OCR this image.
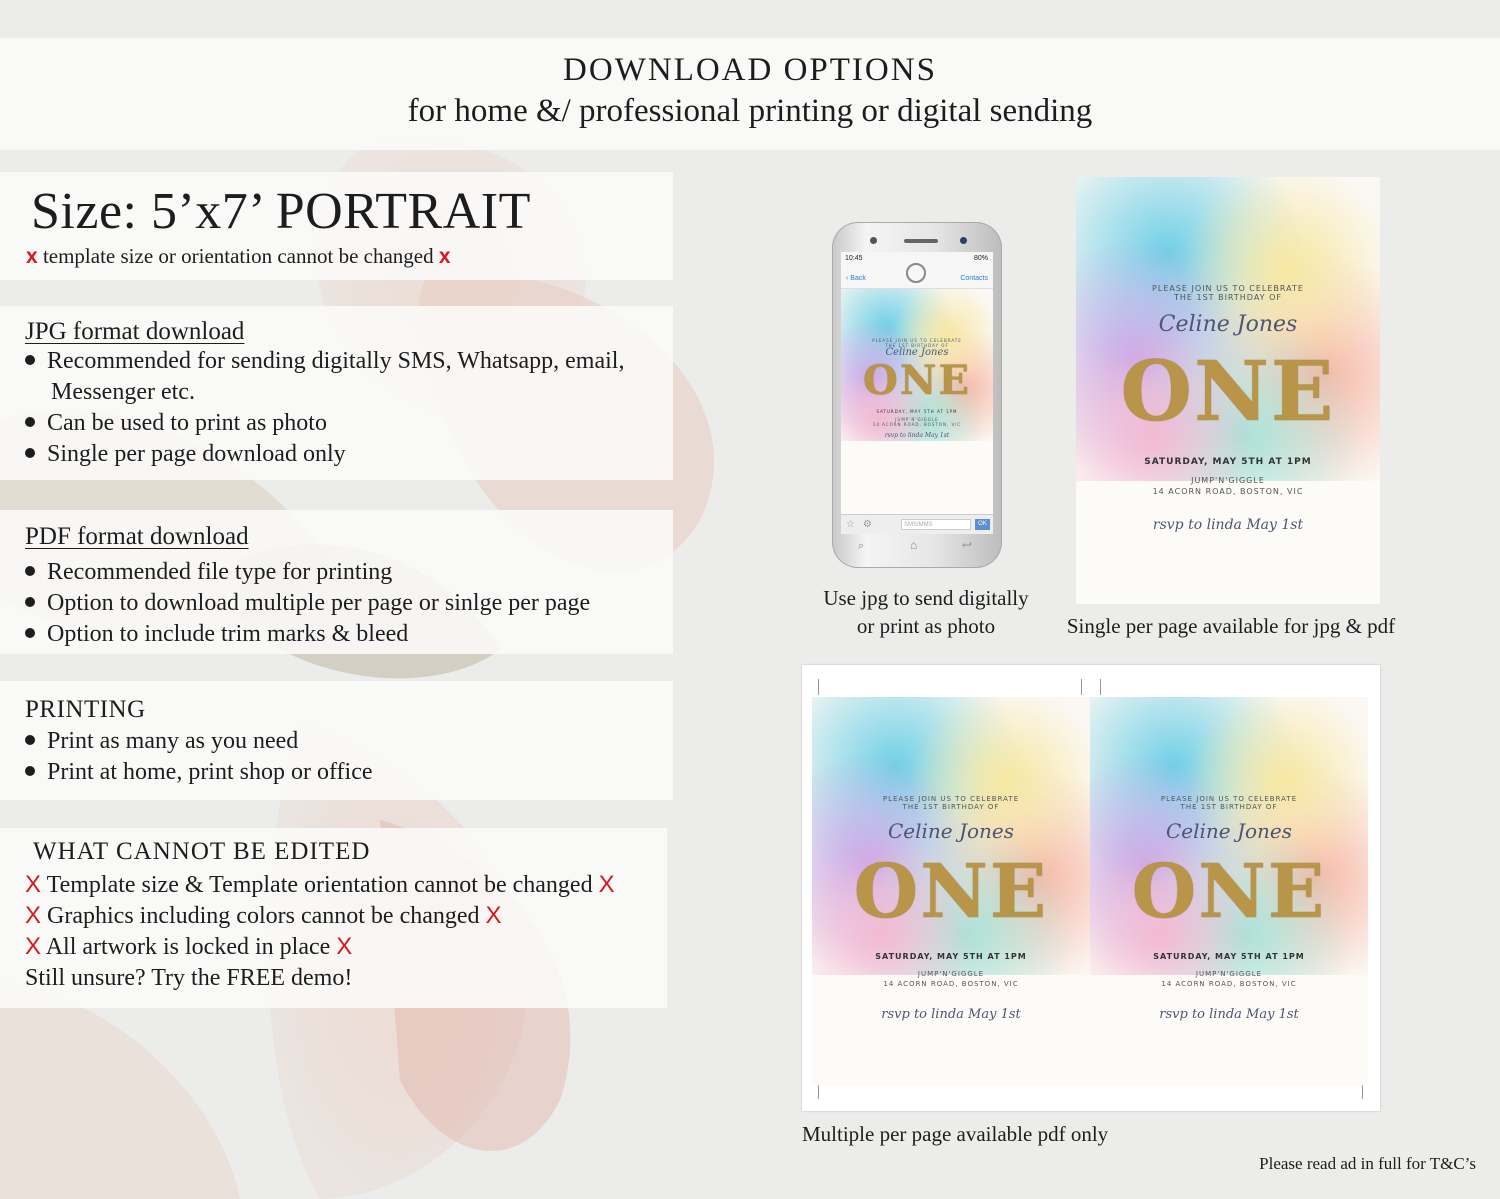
DOWNLOAD OPTIONS
for home &/ professional printing or digital sending
Size: 5’x7’ PORTRAIT
x template size or orientation cannot be changed x
JPG format download
Recommended for sending digitally SMS, Whatsapp, email,
Messenger etc.
Can be used to print as photo
Single per page download only
PDF format download
Recommended file type for printing
Option to download multiple per page or sinlge per page
Option to include trim marks & bleed
PRINTING
Print as many as you need
Print at home, print shop or office
WHAT CANNOT BE EDITED
X Template size & Template orientation cannot be changed X
X Graphics including colors cannot be changed X
X All artwork is locked in place X
Still unsure? Try the FREE demo!
10:45	80%
‹ Back	Contacts
PLEASE JOIN US TO CELEBRATE
THE 1ST BIRTHDAY OF
Celine Jones
ONE
SATURDAY, MAY 5TH AT 1PM
JUMP'N'GIGGLE
14 ACORN ROAD, BOSTON, VIC
rsvp to linda May 1st
☆ ⚙	SMS/MMS	OK
⌕	⌂	↩
Use jpg to send digitally
or print as photo
PLEASE JOIN US TO CELEBRATE
THE 1ST BIRTHDAY OF
Celine Jones
ONE
SATURDAY, MAY 5TH AT 1PM
JUMP'N'GIGGLE
14 ACORN ROAD, BOSTON, VIC
rsvp to linda May 1st
Single per page available for jpg & pdf
PLEASE JOIN US TO CELEBRATE
THE 1ST BIRTHDAY OF
Celine Jones
ONE
SATURDAY, MAY 5TH AT 1PM
JUMP'N'GIGGLE
14 ACORN ROAD, BOSTON, VIC
rsvp to linda May 1st
PLEASE JOIN US TO CELEBRATE
THE 1ST BIRTHDAY OF
Celine Jones
ONE
SATURDAY, MAY 5TH AT 1PM
JUMP'N'GIGGLE
14 ACORN ROAD, BOSTON, VIC
rsvp to linda May 1st
Multiple per page available pdf only
Please read ad in full for T&C’s
